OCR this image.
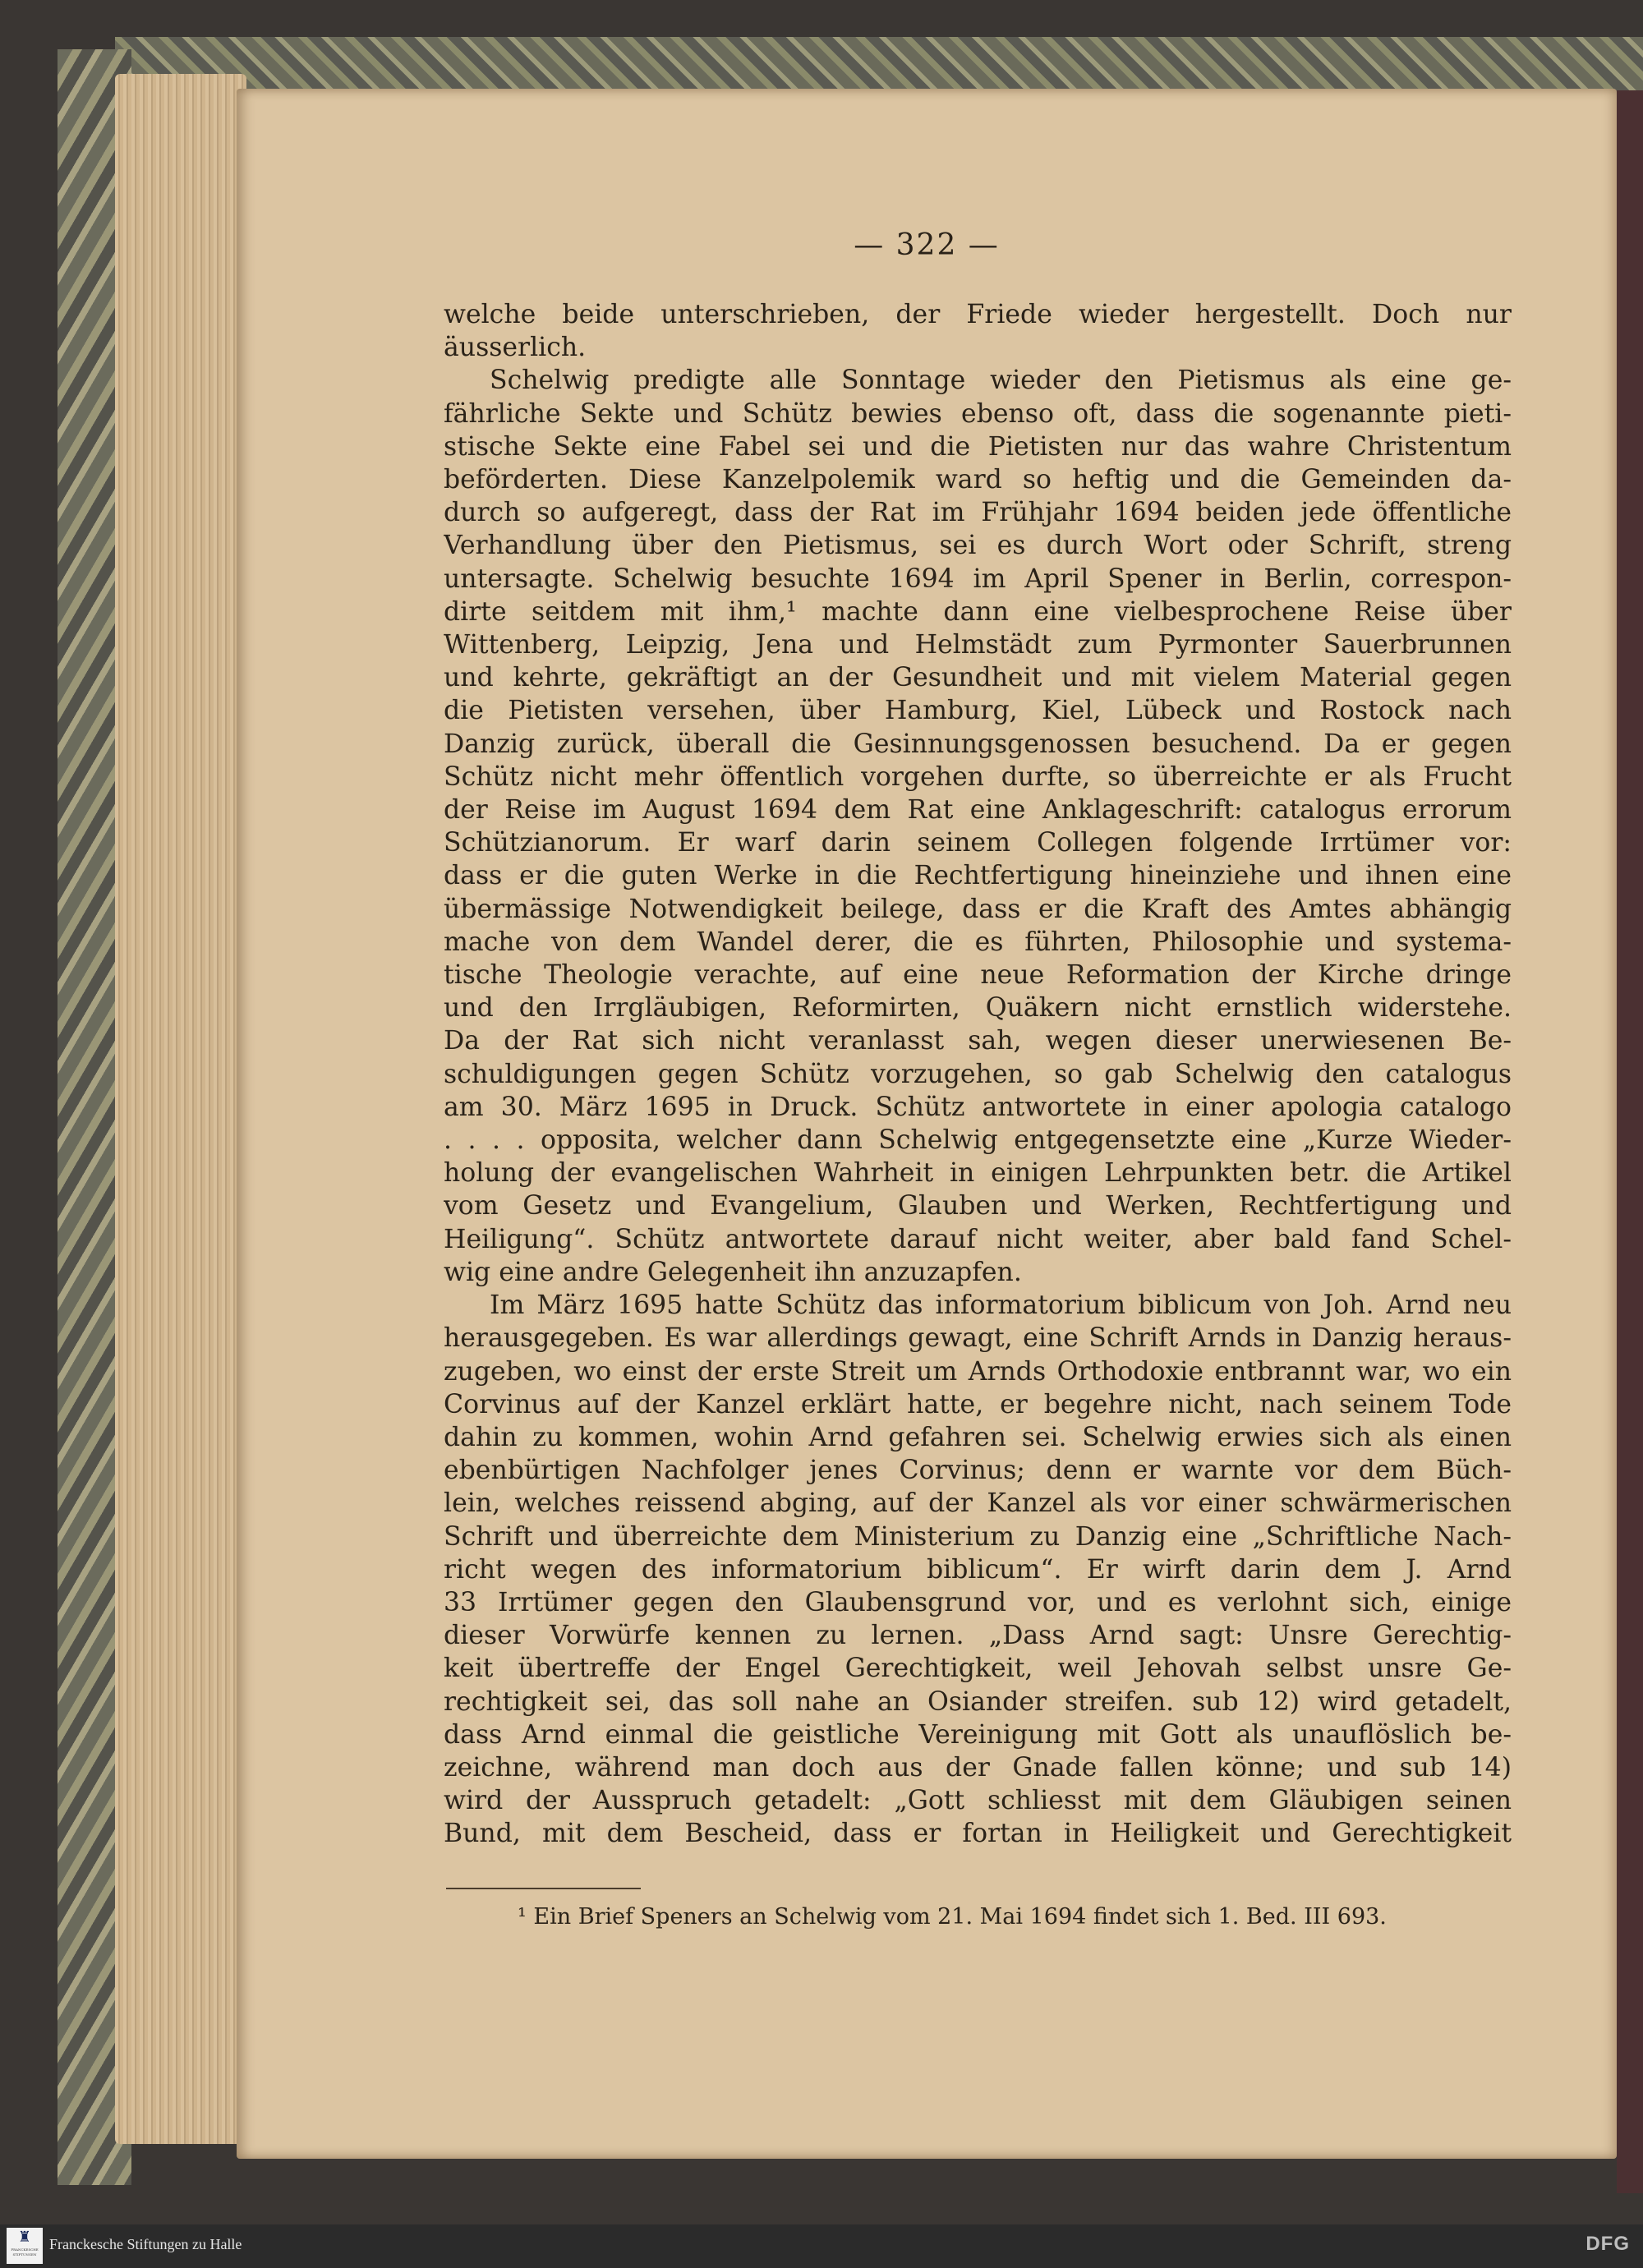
— 322 —
welche beide unterschrieben, der Friede wieder hergestellt. Doch nur
äusserlich.
Schelwig predigte alle Sonntage wieder den Pietismus als eine ge-
fährliche Sekte und Schütz bewies ebenso oft, dass die sogenannte pieti-
stische Sekte eine Fabel sei und die Pietisten nur das wahre Christentum
beförderten. Diese Kanzelpolemik ward so heftig und die Gemeinden da-
durch so aufgeregt, dass der Rat im Frühjahr 1694 beiden jede öffentliche
Verhandlung über den Pietismus, sei es durch Wort oder Schrift, streng
untersagte. Schelwig besuchte 1694 im April Spener in Berlin, correspon-
dirte seitdem mit ihm,¹ machte dann eine vielbesprochene Reise über
Wittenberg, Leipzig, Jena und Helmstädt zum Pyrmonter Sauerbrunnen
und kehrte, gekräftigt an der Gesundheit und mit vielem Material gegen
die Pietisten versehen, über Hamburg, Kiel, Lübeck und Rostock nach
Danzig zurück, überall die Gesinnungsgenossen besuchend. Da er gegen
Schütz nicht mehr öffentlich vorgehen durfte, so überreichte er als Frucht
der Reise im August 1694 dem Rat eine Anklageschrift: catalogus errorum
Schützianorum. Er warf darin seinem Collegen folgende Irrtümer vor:
dass er die guten Werke in die Rechtfertigung hineinziehe und ihnen eine
übermässige Notwendigkeit beilege, dass er die Kraft des Amtes abhängig
mache von dem Wandel derer, die es führten, Philosophie und systema-
tische Theologie verachte, auf eine neue Reformation der Kirche dringe
und den Irrgläubigen, Reformirten, Quäkern nicht ernstlich widerstehe.
Da der Rat sich nicht veranlasst sah, wegen dieser unerwiesenen Be-
schuldigungen gegen Schütz vorzugehen, so gab Schelwig den catalogus
am 30. März 1695 in Druck. Schütz antwortete in einer apologia catalogo
. . . . opposita, welcher dann Schelwig entgegensetzte eine „Kurze Wieder-
holung der evangelischen Wahrheit in einigen Lehrpunkten betr. die Artikel
vom Gesetz und Evangelium, Glauben und Werken, Rechtfertigung und
Heiligung“. Schütz antwortete darauf nicht weiter, aber bald fand Schel-
wig eine andre Gelegenheit ihn anzuzapfen.
Im März 1695 hatte Schütz das informatorium biblicum von Joh. Arnd neu
herausgegeben. Es war allerdings gewagt, eine Schrift Arnds in Danzig heraus-
zugeben, wo einst der erste Streit um Arnds Orthodoxie entbrannt war, wo ein
Corvinus auf der Kanzel erklärt hatte, er begehre nicht, nach seinem Tode
dahin zu kommen, wohin Arnd gefahren sei. Schelwig erwies sich als einen
ebenbürtigen Nachfolger jenes Corvinus; denn er warnte vor dem Büch-
lein, welches reissend abging, auf der Kanzel als vor einer schwärmerischen
Schrift und überreichte dem Ministerium zu Danzig eine „Schriftliche Nach-
richt wegen des informatorium biblicum“. Er wirft darin dem J. Arnd
33 Irrtümer gegen den Glaubensgrund vor, und es verlohnt sich, einige
dieser Vorwürfe kennen zu lernen. „Dass Arnd sagt: Unsre Gerechtig-
keit übertreffe der Engel Gerechtigkeit, weil Jehovah selbst unsre Ge-
rechtigkeit sei, das soll nahe an Osiander streifen. sub 12) wird getadelt,
dass Arnd einmal die geistliche Vereinigung mit Gott als unauflöslich be-
zeichne, während man doch aus der Gnade fallen könne; und sub 14)
wird der Ausspruch getadelt: „Gott schliesst mit dem Gläubigen seinen
Bund, mit dem Bescheid, dass er fortan in Heiligkeit und Gerechtigkeit
¹ Ein Brief Speners an Schelwig vom 21. Mai 1694 findet sich 1. Bed. III 693.
♜
FRANCKESCHE STIFTUNGEN
Franckesche Stiftungen zu Halle	DFG
